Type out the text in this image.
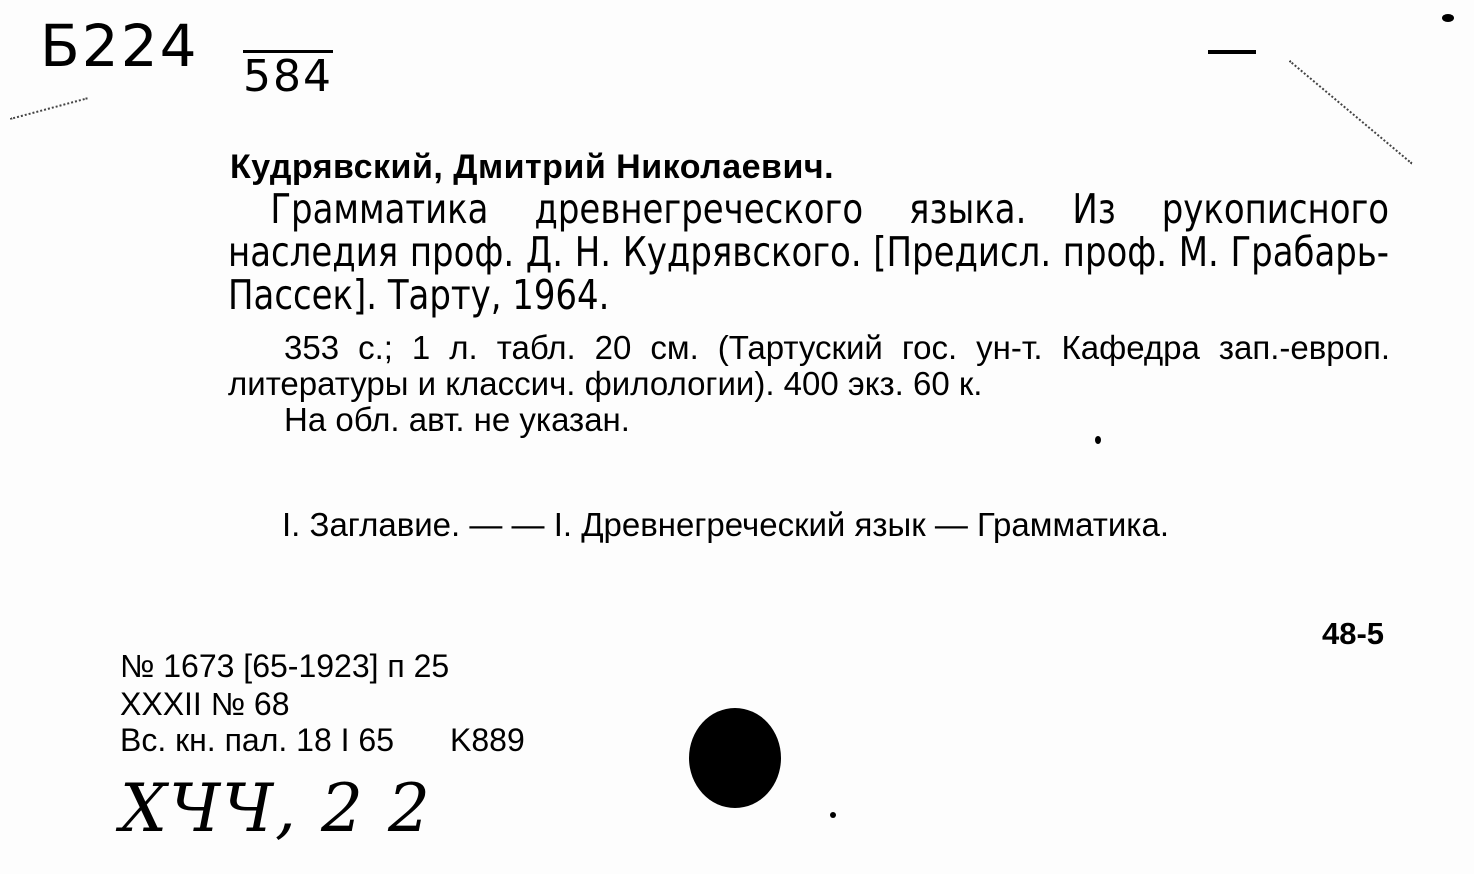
Б224 584
Кудрявский, Дмитрий Николаевич.
Грамматика древнегреческого языка. Из рукописного наследия проф. Д. Н. Кудрявского. [Предисл. проф. М. Грабарь-Пассек]. Тарту, 1964.
353 с.; 1 л. табл. 20 см. (Тартуский гос. ун-т. Кафедра зап.-европ. литературы и классич. филологии). 400 экз. 60 к.
На обл. авт. не указан.
I. Заглавие. — — I. Древнегреческий язык — Грамматика.
48-5
№ 1673 [65-1923] п 25
XXXII № 68
Вс. кн. пал. 18 I 65 K889
ХЧЧ, 2 2
